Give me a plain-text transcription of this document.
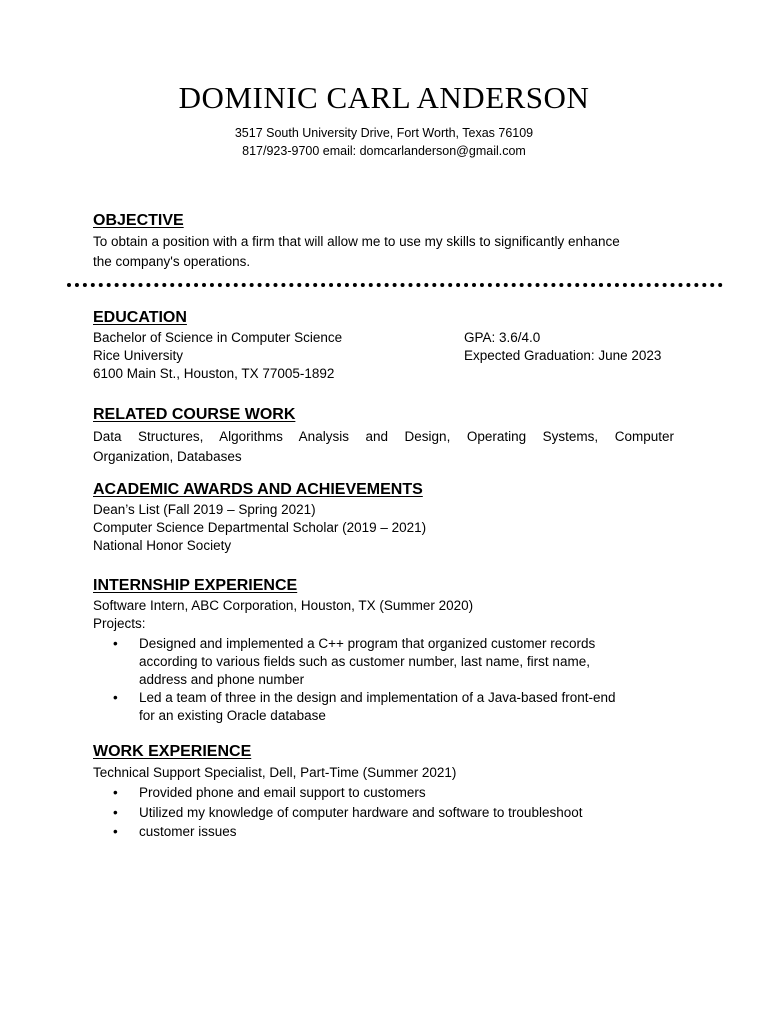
DOMINIC CARL ANDERSON
3517 South University Drive, Fort Worth, Texas 76109
817/923-9700 email: domcarlanderson@gmail.com
OBJECTIVE
To obtain a position with a firm that will allow me to use my skills to significantly enhance
the company's operations.
EDUCATION
Bachelor of Science in Computer Science
Rice University
6100 Main St., Houston, TX 77005-1892
GPA: 3.6/4.0
Expected Graduation: June 2023
RELATED COURSE WORK
Data Structures, Algorithms Analysis and Design, Operating Systems, Computer
Organization, Databases
ACADEMIC AWARDS AND ACHIEVEMENTS
Dean’s List (Fall 2019 – Spring 2021)
Computer Science Departmental Scholar (2019 – 2021)
National Honor Society
INTERNSHIP EXPERIENCE
Software Intern, ABC Corporation, Houston, TX (Summer 2020)
Projects:
• Designed and implemented a C++ program that organized customer records
according to various fields such as customer number, last name, first name,
address and phone number
• Led a team of three in the design and implementation of a Java-based front-end
for an existing Oracle database
WORK EXPERIENCE
Technical Support Specialist, Dell, Part-Time (Summer 2021)
• Provided phone and email support to customers
• Utilized my knowledge of computer hardware and software to troubleshoot
• customer issues
